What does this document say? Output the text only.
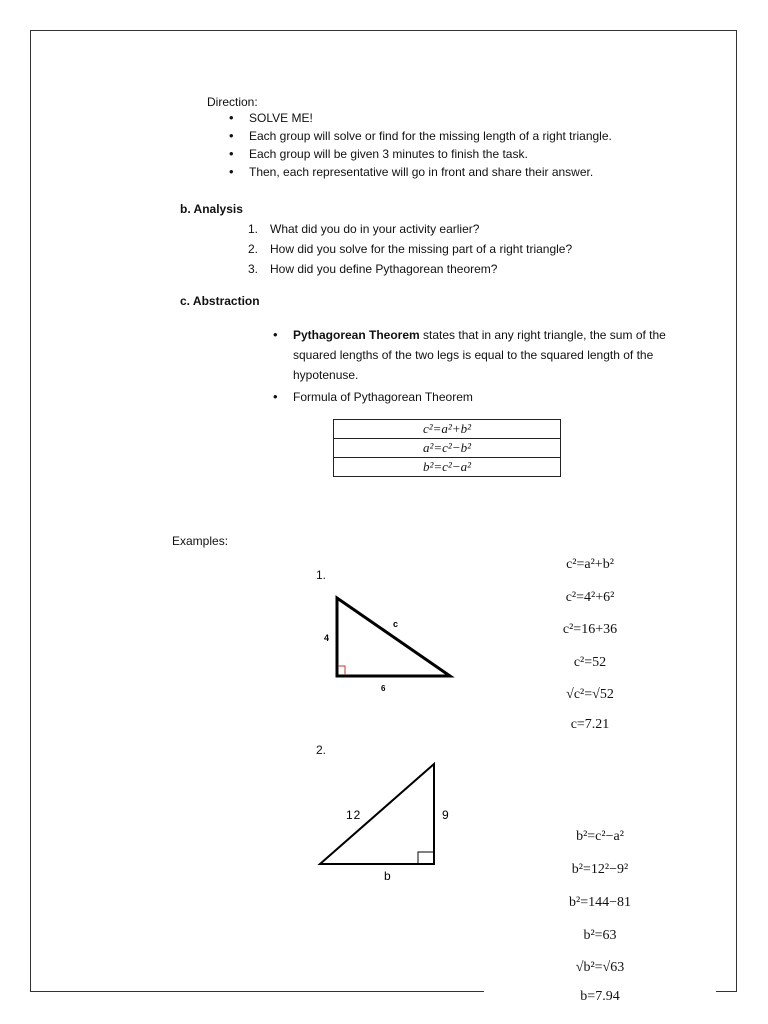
Direction:
• SOLVE ME!
• Each group will solve or find for the missing length of a right triangle.
• Each group will be given 3 minutes to finish the task.
• Then, each representative will go in front and share their answer.
b. Analysis
1. What did you do in your activity earlier?
2. How did you solve for the missing part of a right triangle?
3. How did you define Pythagorean theorem?
c. Abstraction
• Pythagorean Theorem states that in any right triangle, the sum of the squared lengths of the two legs is equal to the squared length of the hypotenuse.
• Formula of Pythagorean Theorem
c²=a²+b²
a²=c²−b²
b²=c²−a²
Examples:
1.
4
c
6
c²=a²+b²
c²=4²+6²
c²=16+36
c²=52
√c²=√52
c=7.21
2.
12	9
b
b²=c²−a²
b²=12²−9²
b²=144−81
b²=63
√b²=√63
b=7.94
